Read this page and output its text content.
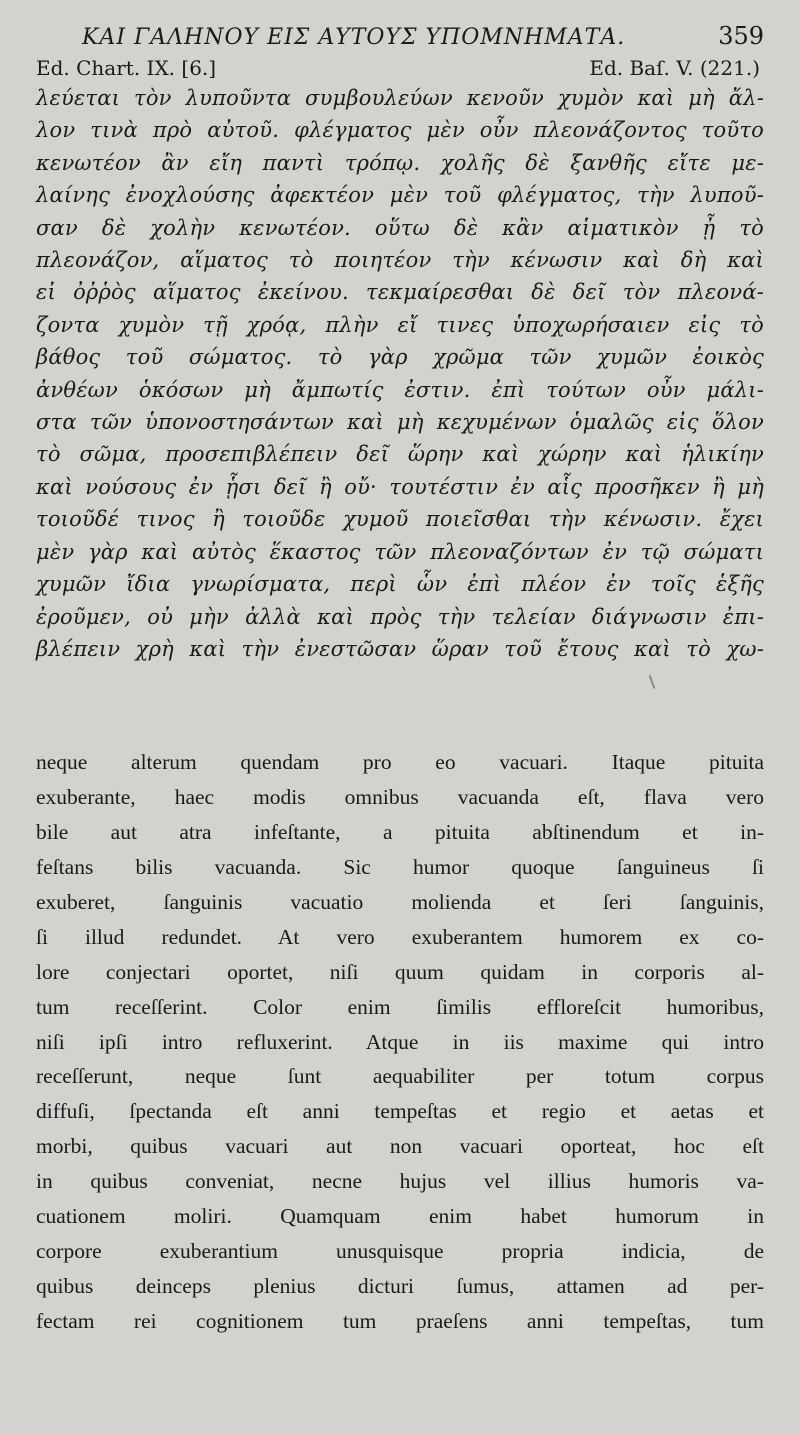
ΚΑΙ ΓΑΛΗΝΟΥ ΕΙΣ ΑΥΤΟΥΣ ΥΠΟΜΝΗΜΑΤΑ.	359
Ed. Chart. IX. [6.]	Ed. Baſ. V. (221.)
λεύεται τὸν λυποῦντα συμβουλεύων κενοῦν χυμὸν καὶ μὴ ἄλ-
λον τινὰ πρὸ αὐτοῦ. φλέγματος μὲν οὖν πλεονάζοντος τοῦτο
κενωτέον ἂν εἴη παντὶ τρόπῳ. χολῆς δὲ ξανθῆς εἴτε με-
λαίνης ἐνοχλούσης ἀφεκτέον μὲν τοῦ φλέγματος, τὴν λυποῦ-
σαν δὲ χολὴν κενωτέον. οὕτω δὲ κἂν αἱματικὸν ᾖ τὸ
πλεονάζον, αἵματος τὸ ποιητέον τὴν κένωσιν καὶ δὴ καὶ
εἰ ὀῤῥὸς αἵματος ἐκείνου. τεκμαίρεσθαι δὲ δεῖ τὸν πλεονά-
ζοντα χυμὸν τῇ χρόᾳ, πλὴν εἴ τινες ὑποχωρήσαιεν εἰς τὸ
βάθος τοῦ σώματος. τὸ γὰρ χρῶμα τῶν χυμῶν ἐοικὸς
ἀνθέων ὁκόσων μὴ ἄμπωτίς ἐστιν. ἐπὶ τούτων οὖν μάλι-
στα τῶν ὑπονοστησάντων καὶ μὴ κεχυμένων ὁμαλῶς εἰς ὅλον
τὸ σῶμα, προσεπιβλέπειν δεῖ ὥρην καὶ χώρην καὶ ἡλικίην
καὶ νούσους ἐν ᾗσι δεῖ ἢ οὔ· τουτέστιν ἐν αἷς προσῆκεν ἢ μὴ
τοιοῦδέ τινος ἢ τοιοῦδε χυμοῦ ποιεῖσθαι τὴν κένωσιν. ἔχει
μὲν γὰρ καὶ αὐτὸς ἕκαστος τῶν πλεοναζόντων ἐν τῷ σώματι
χυμῶν ἴδια γνωρίσματα, περὶ ὧν ἐπὶ πλέον ἐν τοῖς ἑξῆς
ἐροῦμεν, οὐ μὴν ἀλλὰ καὶ πρὸς τὴν τελείαν διάγνωσιν ἐπι-
βλέπειν χρὴ καὶ τὴν ἐνεστῶσαν ὥραν τοῦ ἔτους καὶ τὸ χω-
neque alterum quendam pro eo vacuari. Itaque pituita
exuberante, haec modis omnibus vacuanda eſt, flava vero
bile aut atra infeſtante, a pituita abſtinendum et in-
feſtans bilis vacuanda. Sic humor quoque ſanguineus ſi
exuberet, ſanguinis vacuatio molienda et ſeri ſanguinis,
ſi illud redundet. At vero exuberantem humorem ex co-
lore conjectari oportet, niſi quum quidam in corporis al-
tum receſſerint. Color enim ſimilis effloreſcit humoribus,
niſi ipſi intro refluxerint. Atque in iis maxime qui intro
receſſerunt, neque ſunt aequabiliter per totum corpus
diffuſi, ſpectanda eſt anni tempeſtas et regio et aetas et
morbi, quibus vacuari aut non vacuari oporteat, hoc eſt
in quibus conveniat, necne hujus vel illius humoris va-
cuationem moliri. Quamquam enim habet humorum in
corpore exuberantium unusquisque propria indicia, de
quibus deinceps plenius dicturi ſumus, attamen ad per-
fectam rei cognitionem tum praeſens anni tempeſtas, tum
